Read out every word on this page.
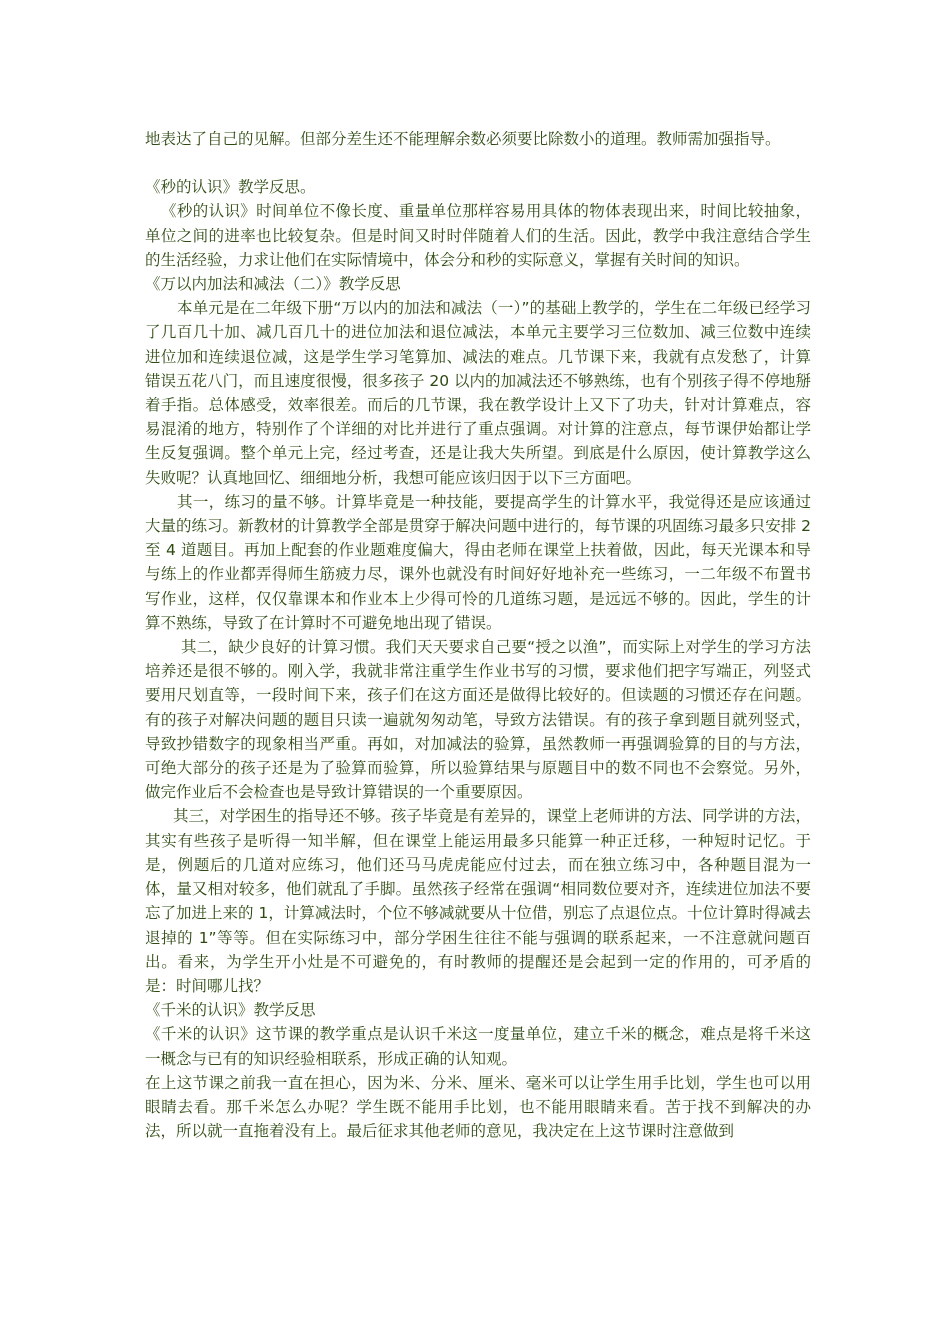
地表达了自己的见解。但部分差生还不能理解余数必须要比除数小的道理。教师需加强指导。

《秒的认识》教学反思。

《秒的认识》时间单位不像长度、重量单位那样容易用具体的物体表现出来，时间比较抽象，单位之间的进率也比较复杂。但是时间又时时伴随着人们的生活。因此，教学中我注意结合学生的生活经验，力求让他们在实际情境中，体会分和秒的实际意义，掌握有关时间的知识。

《万以内加法和减法（二）》教学反思

本单元是在二年级下册“万以内的加法和减法（一）”的基础上教学的，学生在二年级已经学习了几百几十加、减几百几十的进位加法和退位减法，本单元主要学习三位数加、减三位数中连续进位加和连续退位减，这是学生学习笔算加、减法的难点。几节课下来，我就有点发愁了，计算错误五花八门，而且速度很慢，很多孩子 20 以内的加减法还不够熟练，也有个别孩子得不停地掰着手指。总体感受，效率很差。而后的几节课，我在教学设计上又下了功夫，针对计算难点，容易混淆的地方，特别作了个详细的对比并进行了重点强调。对计算的注意点，每节课伊始都让学生反复强调。整个单元上完，经过考查，还是让我大失所望。到底是什么原因，使计算教学这么失败呢？认真地回忆、细细地分析，我想可能应该归因于以下三方面吧。

其一，练习的量不够。计算毕竟是一种技能，要提高学生的计算水平，我觉得还是应该通过大量的练习。新教材的计算教学全部是贯穿于解决问题中进行的，每节课的巩固练习最多只安排 2 至 4 道题目。再加上配套的作业题难度偏大，得由老师在课堂上扶着做，因此，每天光课本和导与练上的作业都弄得师生筋疲力尽，课外也就没有时间好好地补充一些练习，一二年级不布置书写作业，这样，仅仅靠课本和作业本上少得可怜的几道练习题，是远远不够的。因此，学生的计算不熟练，导致了在计算时不可避免地出现了错误。

其二，缺少良好的计算习惯。我们天天要求自己要“授之以渔”，而实际上对学生的学习方法培养还是很不够的。刚入学，我就非常注重学生作业书写的习惯，要求他们把字写端正，列竖式要用尺划直等，一段时间下来，孩子们在这方面还是做得比较好的。但读题的习惯还存在问题。有的孩子对解决问题的题目只读一遍就匆匆动笔，导致方法错误。有的孩子拿到题目就列竖式，导致抄错数字的现象相当严重。再如，对加减法的验算，虽然教师一再强调验算的目的与方法，可绝大部分的孩子还是为了验算而验算，所以验算结果与原题目中的数不同也不会察觉。另外，做完作业后不会检查也是导致计算错误的一个重要原因。

其三，对学困生的指导还不够。孩子毕竟是有差异的，课堂上老师讲的方法、同学讲的方法，其实有些孩子是听得一知半解，但在课堂上能运用最多只能算一种正迁移，一种短时记忆。于是，例题后的几道对应练习，他们还马马虎虎能应付过去，而在独立练习中，各种题目混为一体，量又相对较多，他们就乱了手脚。虽然孩子经常在强调“相同数位要对齐，连续进位加法不要忘了加进上来的 1，计算减法时，个位不够减就要从十位借，别忘了点退位点。十位计算时得减去退掉的 1”等等。但在实际练习中，部分学困生往往不能与强调的联系起来，一不注意就问题百出。看来，为学生开小灶是不可避免的，有时教师的提醒还是会起到一定的作用的，可矛盾的是：时间哪儿找？

《千米的认识》教学反思

《千米的认识》这节课的教学重点是认识千米这一度量单位，建立千米的概念，难点是将千米这一概念与已有的知识经验相联系，形成正确的认知观。

在上这节课之前我一直在担心，因为米、分米、厘米、毫米可以让学生用手比划，学生也可以用眼睛去看。那千米怎么办呢？学生既不能用手比划，也不能用眼睛来看。苦于找不到解决的办法，所以就一直拖着没有上。最后征求其他老师的意见，我决定在上这节课时注意做到
